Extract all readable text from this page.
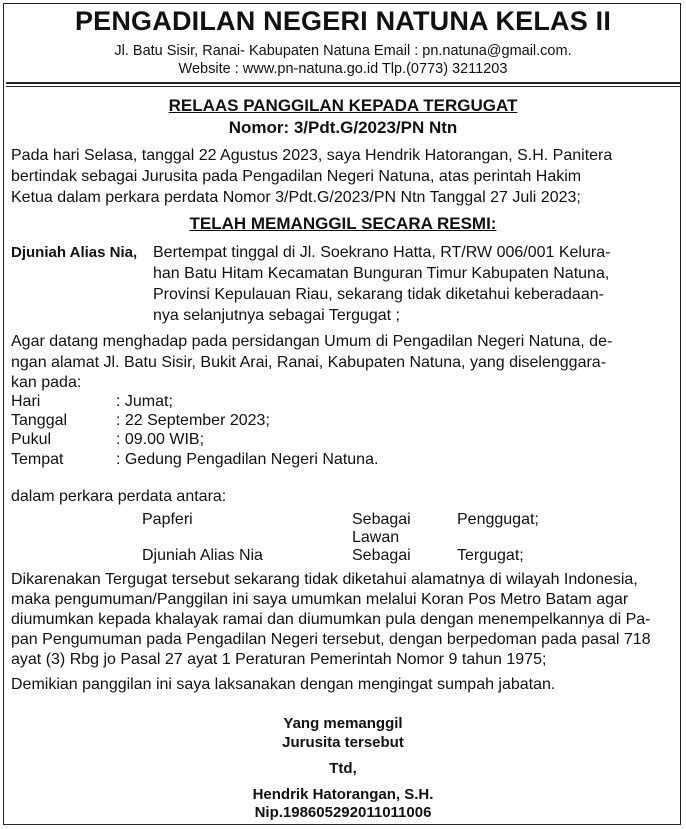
PENGADILAN NEGERI NATUNA KELAS II
Jl. Batu Sisir, Ranai- Kabupaten Natuna Email : pn.natuna@gmail.com.
Website : www.pn-natuna.go.id Tlp.(0773) 3211203
RELAAS PANGGILAN KEPADA TERGUGAT
Nomor: 3/Pdt.G/2023/PN Ntn
Pada hari Selasa, tanggal 22 Agustus 2023, saya Hendrik Hatorangan, S.H. Panitera
bertindak sebagai Jurusita pada Pengadilan Negeri Natuna, atas perintah Hakim
Ketua dalam perkara perdata Nomor 3/Pdt.G/2023/PN Ntn Tanggal 27 Juli 2023;
TELAH MEMANGGIL SECARA RESMI:
Djuniah Alias Nia, Bertempat tinggal di Jl. Soekrano Hatta, RT/RW 006/001 Kelura-
han Batu Hitam Kecamatan Bunguran Timur Kabupaten Natuna,
Provinsi Kepulauan Riau, sekarang tidak diketahui keberadaan-
nya selanjutnya sebagai Tergugat ;
Agar datang menghadap pada persidangan Umum di Pengadilan Negeri Natuna, de-
ngan alamat Jl. Batu Sisir, Bukit Arai, Ranai, Kabupaten Natuna, yang diselenggara-
kan pada:
Hari	: Jumat;
Tanggal	: 22 September 2023;
Pukul	: 09.00 WIB;
Tempat	: Gedung Pengadilan Negeri Natuna.
dalam perkara perdata antara:
Papferi	Sebagai	Penggugat;
Lawan
Djuniah Alias Nia	Sebagai	Tergugat;
Dikarenakan Tergugat tersebut sekarang tidak diketahui alamatnya di wilayah Indonesia,
maka pengumuman/Panggilan ini saya umumkan melalui Koran Pos Metro Batam agar
diumumkan kepada khalayak ramai dan diumumkan pula dengan menempelkannya di Pa-
pan Pengumuman pada Pengadilan Negeri tersebut, dengan berpedoman pada pasal 718
ayat (3) Rbg jo Pasal 27 ayat 1 Peraturan Pemerintah Nomor 9 tahun 1975;
Demikian panggilan ini saya laksanakan dengan mengingat sumpah jabatan.
Yang memanggil
Jurusita tersebut
Ttd,
Hendrik Hatorangan, S.H.
Nip.198605292011011006
